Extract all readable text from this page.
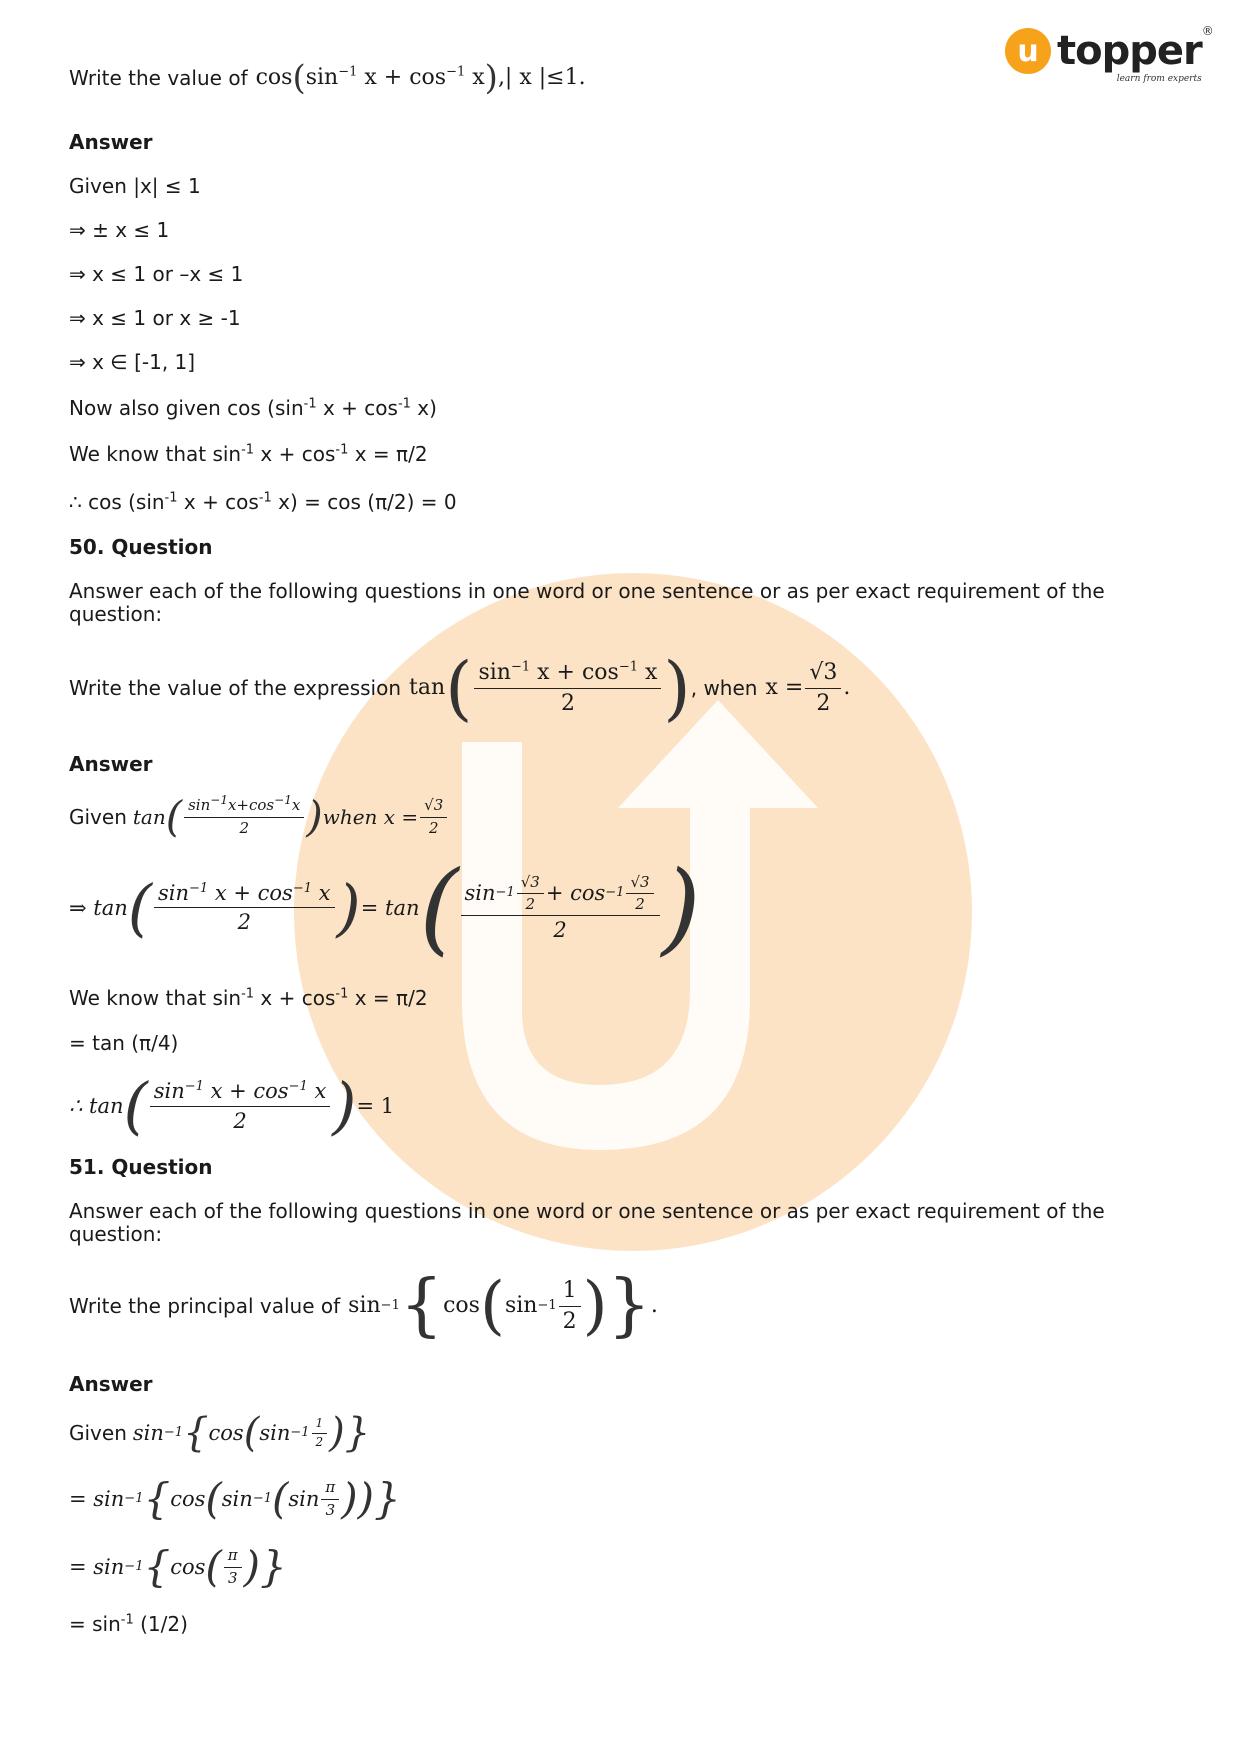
u topper ®
learn from experts
Write the value of $\cos(\sin^{-1}$ $x + \cos^{-1} x),|$ x |≤1.
Answer
Given |x| ≤ 1
⇒ ± x ≤ 1
⇒ x ≤ 1 or –x ≤ 1
⇒ x ≤ 1 or x ≥ -1
⇒ x ∈ [-1, 1]
Now also given $\cos (\sin^{-1}$ $x + \cos^{-1} x$)
We know that $\sin^{-1} x + \cos^{-1} x = \pi/2$
∴ $\cos (\sin^{-1}$ $x + \cos^{-1} x) = \cos (\pi/2) = 0$
50. Question
Answer each of the following questions in one word or one sentence or as per exact requirement of the
question:
Write the value of the expression tan ( $\frac{\sin^{-1} x + \cos^{-1} x}{2}$ ) , when $x = \frac{√3}{2}$ .
Answer
Given tan ( $\frac{\sin^{-1}x+\cos^{-1}x}{2}$ ) when $x = \frac{√3}{2}$
⇒ tan ( $\frac{\sin^{-1} x + \cos^{-1} x}{2}$ ) = tan ( $\frac{\sin -1 \frac{√3}{2} + \cos -1 \frac{√3}{2}}{2}$ )
We know that $\sin^{-1} x + \cos^{-1} x = \pi/2$
= tan (π/4)
∴ tan ( $\frac{\sin^{-1} x + \cos^{-1} x}{2}$ ) = 1
51. Question
Answer each of the following questions in one word or one sentence or as per exact requirement of the
question:
Write the principal value of sin −1 { cos ( $\sin -1 \frac{1}{2}$ ) } .
Answer
Given sin −1 { cos ( $\sin -1 \frac{1}{2}$ ) }
= sin −1 { cos ( sin −1 ( $\sin \frac{\pi}{3}$ ) ) }
= sin −1 { cos ( $\frac{\pi}{3}$ ) }
= $\sin^{-1} (1/2)$
